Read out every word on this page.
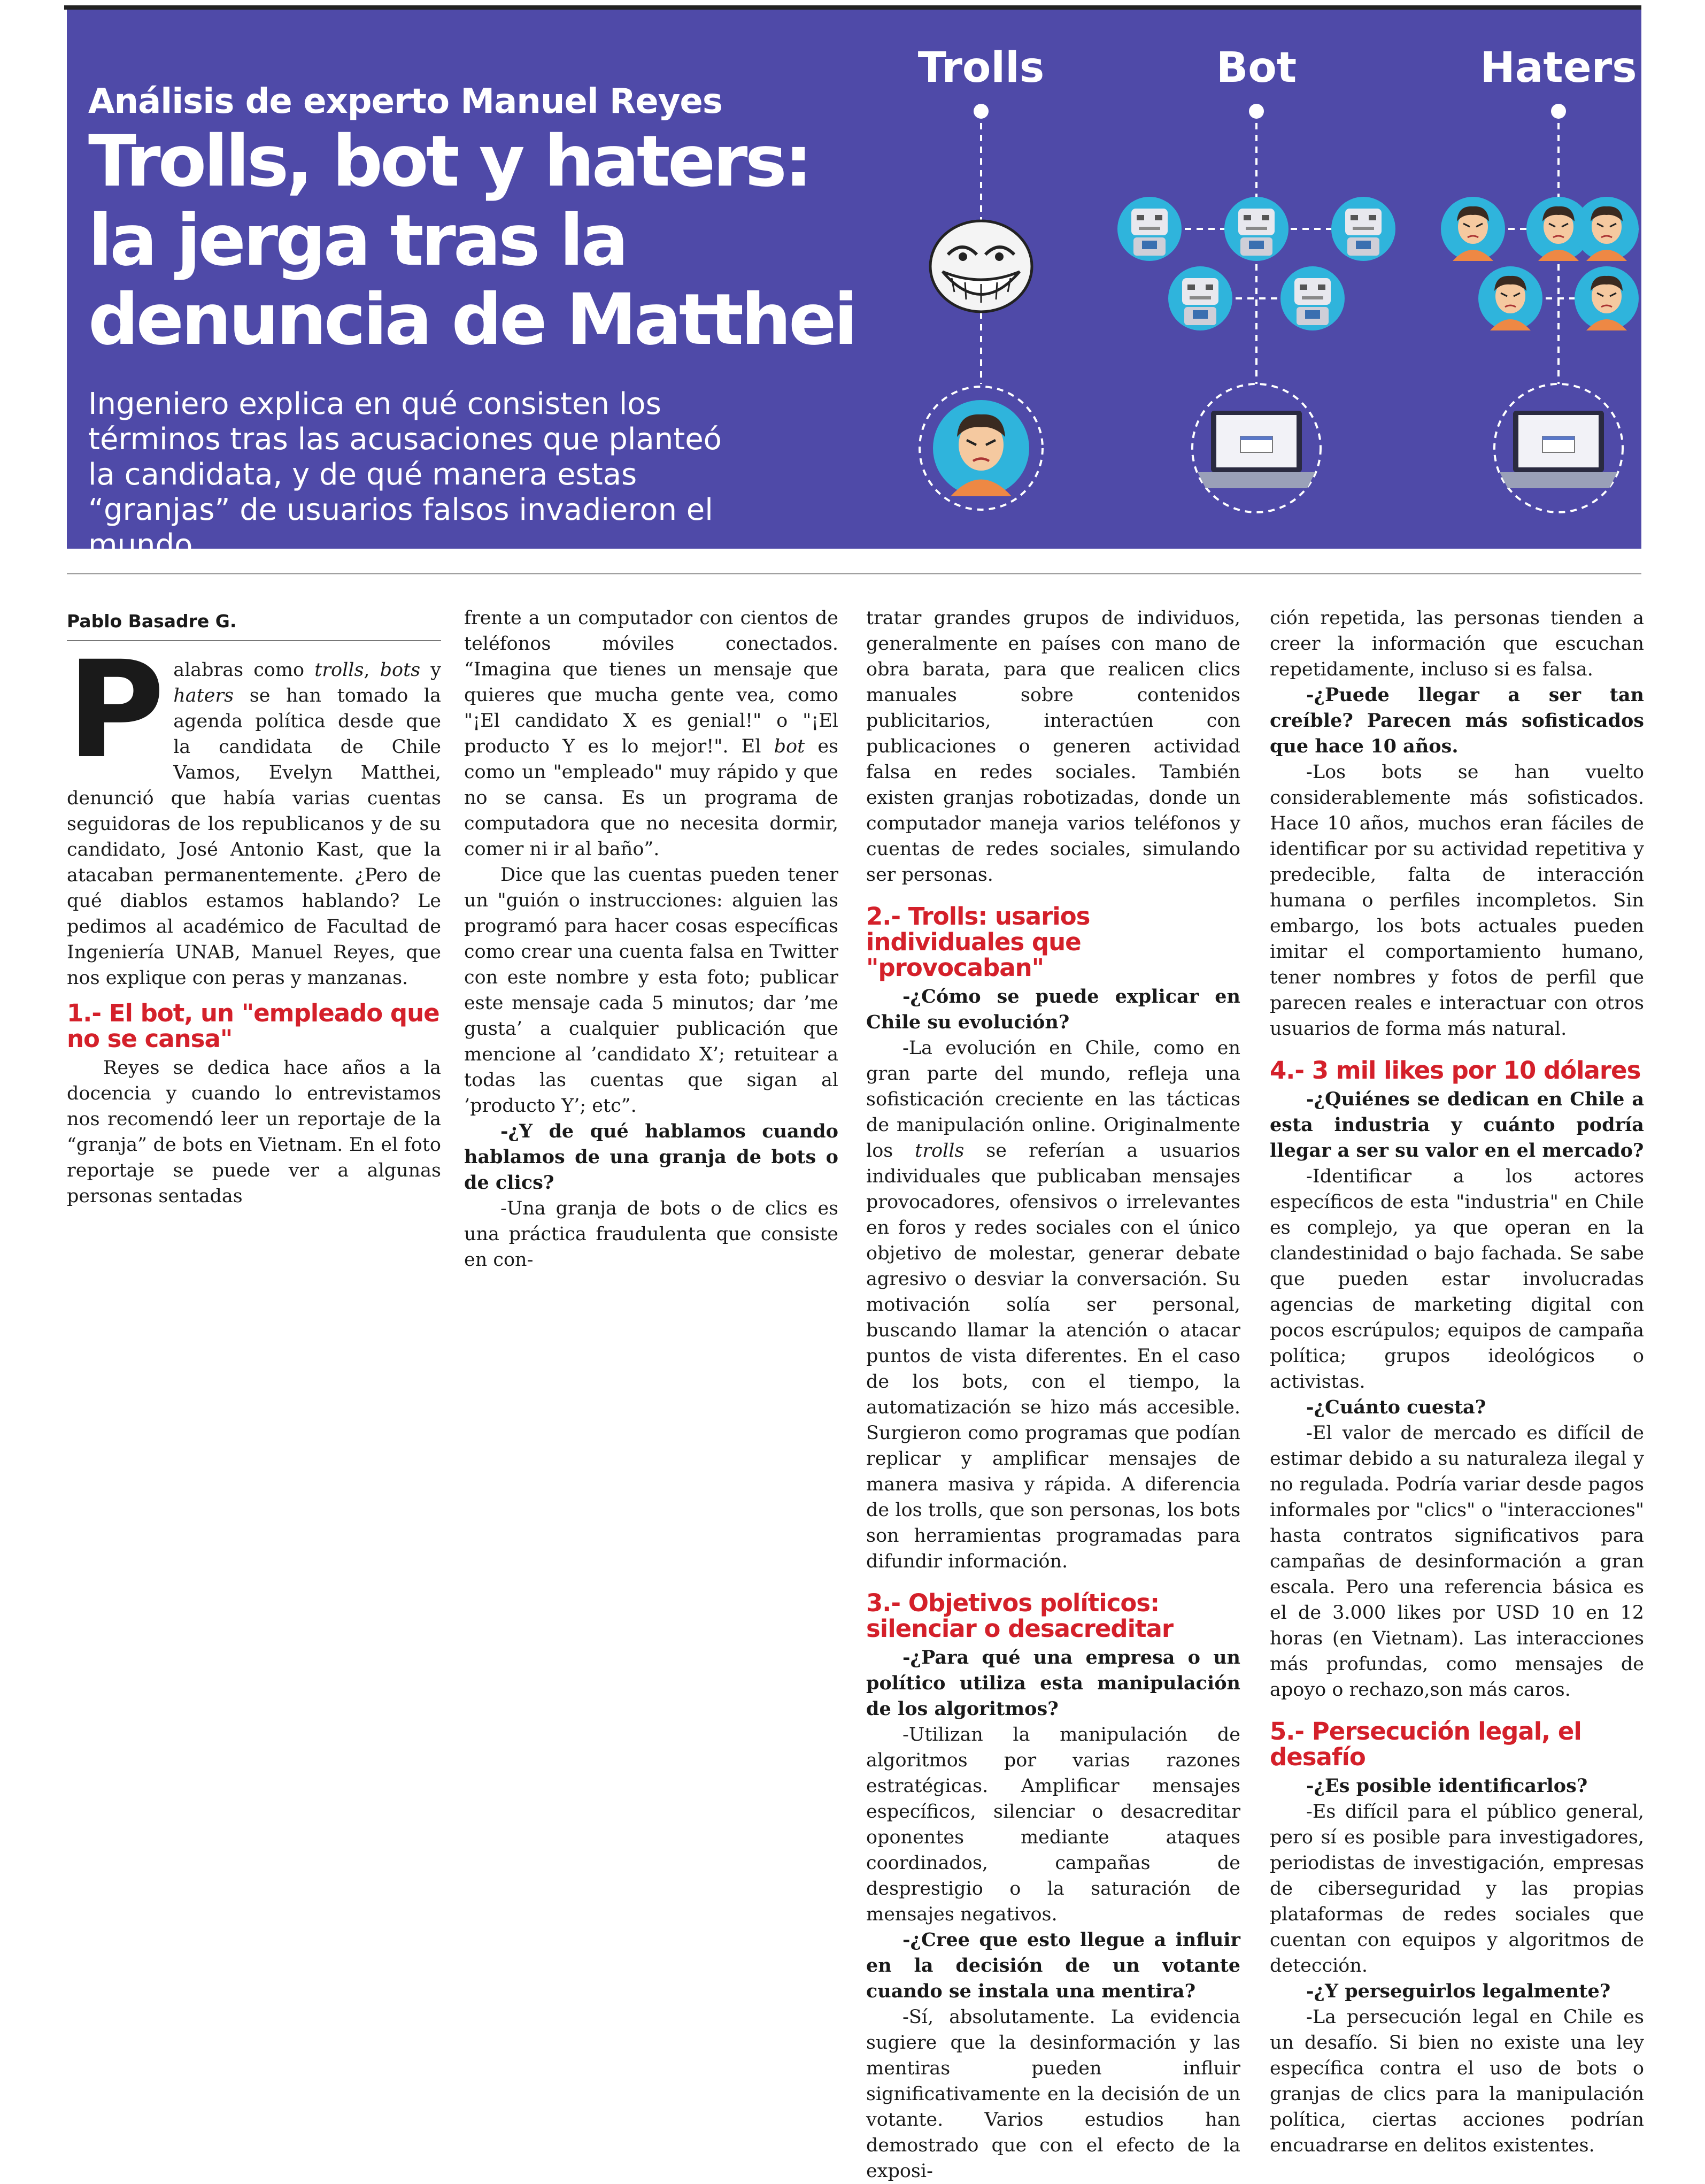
Análisis de experto Manuel Reyes
Trolls, bot y haters:
la jerga tras la
denuncia de Matthei
Ingeniero explica en qué consisten los términos tras las acusaciones que planteó la candidata, y de qué manera estas “granjas” de usuarios falsos invadieron el mundo.
Trolls	Bot	Haters
Pablo Basadre G.

Palabras como trolls, bots y haters se han tomado la agenda política desde que la candidata de Chile Vamos, Evelyn Matthei, denunció que había varias cuentas seguidoras de los republicanos y de su candidato, José Antonio Kast, que la atacaban permanentemente. ¿Pero de qué diablos estamos hablando? Le pedimos al académico de Facultad de Ingeniería UNAB, Manuel Reyes, que nos explique con peras y manzanas.

1.- El bot, un "empleado que no se cansa"

Reyes se dedica hace años a la docencia y cuando lo entrevistamos nos recomendó leer un reportaje de la “granja” de bots en Vietnam. En el foto reportaje se puede ver a algunas personas sentadas

frente a un computador con cientos de teléfonos móviles conectados. “Imagina que tienes un mensaje que quieres que mucha gente vea, como "¡El candidato X es genial!" o "¡El producto Y es lo mejor!". El bot es como un "empleado" muy rápido y que no se cansa. Es un programa de computadora que no necesita dormir, comer ni ir al baño”.

Dice que las cuentas pueden tener un "guión o instrucciones: alguien las programó para hacer cosas específicas como crear una cuenta falsa en Twitter con este nombre y esta foto; publicar este mensaje cada 5 minutos; dar ’me gusta’ a cualquier publicación que mencione al ’candidato X’; retuitear a todas las cuentas que sigan al ’producto Y’; etc”.

-¿Y de qué hablamos cuando hablamos de una granja de bots o de clics?

-Una granja de bots o de clics es una práctica fraudulenta que consiste en con-

tratar grandes grupos de individuos, generalmente en países con mano de obra barata, para que realicen clics manuales sobre contenidos publicitarios, interactúen con publicaciones o generen actividad falsa en redes sociales. También existen granjas robotizadas, donde un computador maneja varios teléfonos y cuentas de redes sociales, simulando ser personas.

2.- Trolls: usarios individuales que "provocaban"

-¿Cómo se puede explicar en Chile su evolución?

-La evolución en Chile, como en gran parte del mundo, refleja una sofisticación creciente en las tácticas de manipulación online. Originalmente los trolls se referían a usuarios individuales que publicaban mensajes provocadores, ofensivos o irrelevantes en foros y redes sociales con el único objetivo de molestar, generar debate agresivo o desviar la conversación. Su motivación solía ser personal, buscando llamar la atención o atacar puntos de vista diferentes. En el caso de los bots, con el tiempo, la automatización se hizo más accesible. Surgieron como programas que podían replicar y amplificar mensajes de manera masiva y rápida. A diferencia de los trolls, que son personas, los bots son herramientas programadas para difundir información.

3.- Objetivos políticos: silenciar o desacreditar

-¿Para qué una empresa o un político utiliza esta manipulación de los algoritmos?

-Utilizan la manipulación de algoritmos por varias razones estratégicas. Amplificar mensajes específicos, silenciar o desacreditar oponentes mediante ataques coordinados, campañas de desprestigio o la saturación de mensajes negativos.

-¿Cree que esto llegue a influir en la decisión de un votante cuando se instala una mentira?

-Sí, absolutamente. La evidencia sugiere que la desinformación y las mentiras pueden influir significativamente en la decisión de un votante. Varios estudios han demostrado que con el efecto de la exposi-

ción repetida, las personas tienden a creer la información que escuchan repetidamente, incluso si es falsa.

-¿Puede llegar a ser tan creíble? Parecen más sofisticados que hace 10 años.

-Los bots se han vuelto considerablemente más sofisticados. Hace 10 años, muchos eran fáciles de identificar por su actividad repetitiva y predecible, falta de interacción humana o perfiles incompletos. Sin embargo, los bots actuales pueden imitar el comportamiento humano, tener nombres y fotos de perfil que parecen reales e interactuar con otros usuarios de forma más natural.

4.- 3 mil likes por 10 dólares

-¿Quiénes se dedican en Chile a esta industria y cuánto podría llegar a ser su valor en el mercado?

-Identificar a los actores específicos de esta "industria" en Chile es complejo, ya que operan en la clandestinidad o bajo fachada. Se sabe que pueden estar involucradas agencias de marketing digital con pocos escrúpulos; equipos de campaña política; grupos ideológicos o activistas.

-¿Cuánto cuesta?

-El valor de mercado es difícil de estimar debido a su naturaleza ilegal y no regulada. Podría variar desde pagos informales por "clics" o "interacciones" hasta contratos significativos para campañas de desinformación a gran escala. Pero una referencia básica es el de 3.000 likes por USD 10 en 12 horas (en Vietnam). Las interacciones más profundas, como mensajes de apoyo o rechazo,son más caros.

5.- Persecución legal, el desafío

-¿Es posible identificarlos?

-Es difícil para el público general, pero sí es posible para investigadores, periodistas de investigación, empresas de ciberseguridad y las propias plataformas de redes sociales que cuentan con equipos y algoritmos de detección.

-¿Y perseguirlos legalmente?

-La persecución legal en Chile es un desafío. Si bien no existe una ley específica contra el uso de bots o granjas de clics para la manipulación política, ciertas acciones podrían encuadrarse en delitos existentes.
